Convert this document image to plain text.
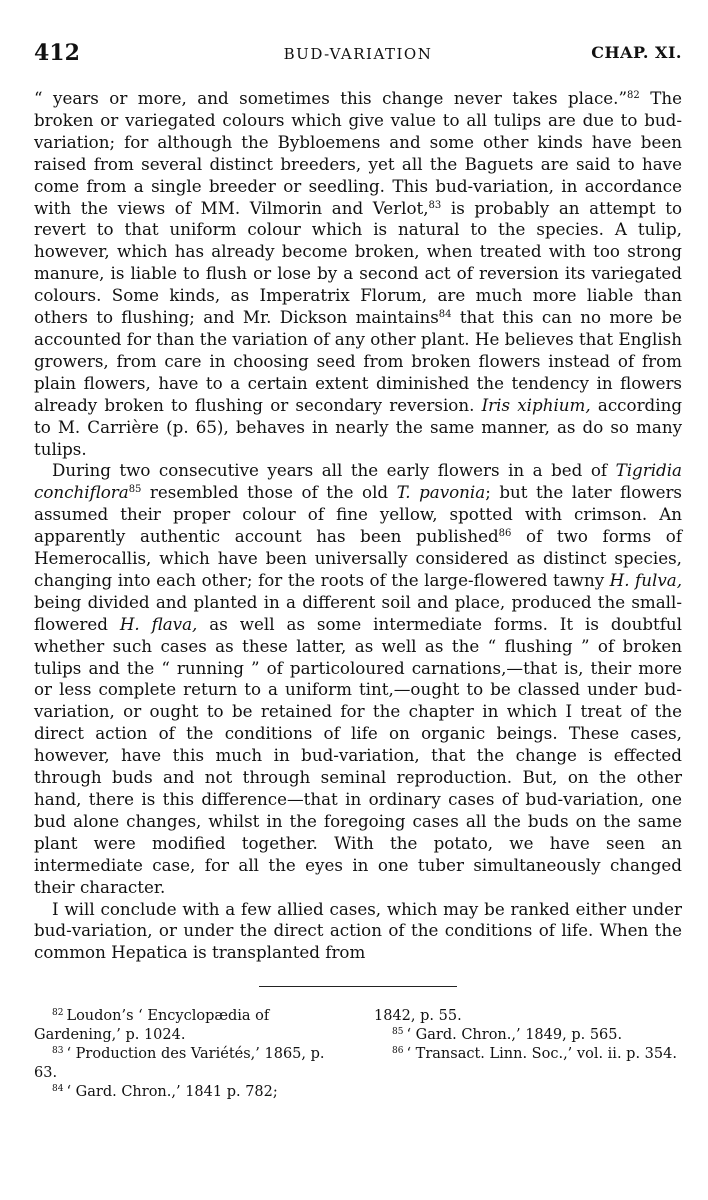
412	BUD-VARIATION	CHAP. XI.

“ years or more, and sometimes this change never takes place.”$^{82}$ The broken or variegated colours which give value to all tulips are due to bud-variation; for although the Bybloemens and some other kinds have been raised from several distinct breeders, yet all the Baguets are said to have come from a single breeder or seedling. This bud-variation, in accordance with the views of MM. Vilmorin and Verlot,$^{83}$ is probably an attempt to revert to that uniform colour which is natural to the species. A tulip, however, which has already become broken, when treated with too strong manure, is liable to flush or lose by a second act of reversion its variegated colours. Some kinds, as Imperatrix Florum, are much more liable than others to flushing; and Mr. Dickson maintains$^{84}$ that this can no more be accounted for than the variation of any other plant. He believes that English growers, from care in choosing seed from broken flowers instead of from plain flowers, have to a certain extent diminished the tendency in flowers already broken to flushing or secondary reversion. Iris xiphium, according to M. Carrière (p. 65), behaves in nearly the same manner, as do so many tulips.

During two consecutive years all the early flowers in a bed of Tigridia conchiflora$^{85}$ resembled those of the old T. pavonia; but the later flowers assumed their proper colour of fine yellow, spotted with crimson. An apparently authentic account has been published$^{86}$ of two forms of Hemerocallis, which have been universally considered as distinct species, changing into each other; for the roots of the large-flowered tawny H. fulva, being divided and planted in a different soil and place, produced the small-flowered H. flava, as well as some intermediate forms. It is doubtful whether such cases as these latter, as well as the “ flushing ” of broken tulips and the “ running ” of particoloured carnations,—that is, their more or less complete return to a uniform tint,—ought to be classed under bud-variation, or ought to be retained for the chapter in which I treat of the direct action of the conditions of life on organic beings. These cases, however, have this much in bud-variation, that the change is effected through buds and not through seminal reproduction. But, on the other hand, there is this difference—that in ordinary cases of bud-variation, one bud alone changes, whilst in the foregoing cases all the buds on the same plant were modified together. With the potato, we have seen an intermediate case, for all the eyes in one tuber simultaneously changed their character.

I will conclude with a few allied cases, which may be ranked either under bud-variation, or under the direct action of the conditions of life. When the common Hepatica is transplanted from

$^{82}$ Loudon’s ‘ Encyclopædia of Gardening,’ p. 1024.

$^{83}$ ‘ Production des Variétés,’ 1865, p. 63.

$^{84}$ ‘ Gard. Chron.,’ 1841 p. 782;

1842, p. 55.

$^{85}$ ‘ Gard. Chron.,’ 1849, p. 565.

$^{86}$ ‘ Transact. Linn. Soc.,’ vol. ii. p. 354.
